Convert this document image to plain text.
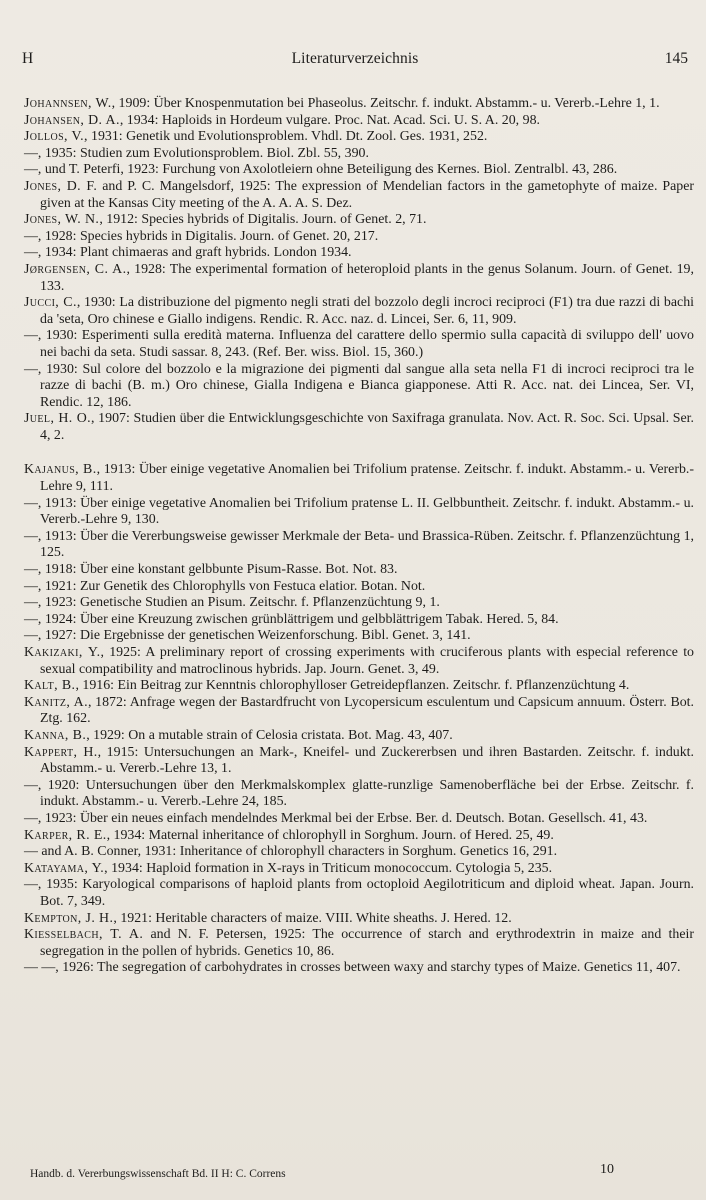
H	Literaturverzeichnis	145

Johannsen, W., 1909: Über Knospenmutation bei Phaseolus. Zeitschr. f. indukt. Abstamm.- u. Vererb.-Lehre 1, 1.

Johansen, D. A., 1934: Haploids in Hordeum vulgare. Proc. Nat. Acad. Sci. U. S. A. 20, 98.

Jollos, V., 1931: Genetik und Evolutionsproblem. Vhdl. Dt. Zool. Ges. 1931, 252.

—, 1935: Studien zum Evolutionsproblem. Biol. Zbl. 55, 390.

—, und T. Peterfi, 1923: Furchung von Axolotleiern ohne Beteiligung des Kernes. Biol. Zentralbl. 43, 286.

Jones, D. F. and P. C. Mangelsdorf, 1925: The expression of Mendelian factors in the gametophyte of maize. Paper given at the Kansas City meeting of the A. A. A. S. Dez.

Jones, W. N., 1912: Species hybrids of Digitalis. Journ. of Genet. 2, 71.

—, 1928: Species hybrids in Digitalis. Journ. of Genet. 20, 217.

—, 1934: Plant chimaeras and graft hybrids. London 1934.

Jørgensen, C. A., 1928: The experimental formation of heteroploid plants in the genus Solanum. Journ. of Genet. 19, 133.

Jucci, C., 1930: La distribuzione del pigmento negli strati del bozzolo degli incroci reciproci (F1) tra due razzi di bachi da 'seta, Oro chinese e Giallo indigens. Rendic. R. Acc. naz. d. Lincei, Ser. 6, 11, 909.

—, 1930: Esperimenti sulla eredità materna. Influenza del carattere dello spermio sulla capacità di sviluppo dell' uovo nei bachi da seta. Studi sassar. 8, 243. (Ref. Ber. wiss. Biol. 15, 360.)

—, 1930: Sul colore del bozzolo e la migrazione dei pigmenti dal sangue alla seta nella F1 di incroci reciproci tra le razze di bachi (B. m.) Oro chinese, Gialla Indigena e Bianca giapponese. Atti R. Acc. nat. dei Lincea, Ser. VI, Rendic. 12, 186.

Juel, H. O., 1907: Studien über die Entwicklungsgeschichte von Saxifraga granulata. Nov. Act. R. Soc. Sci. Upsal. Ser. 4, 2.

Kajanus, B., 1913: Über einige vegetative Anomalien bei Trifolium pratense. Zeitschr. f. indukt. Abstamm.- u. Vererb.-Lehre 9, 111.

—, 1913: Über einige vegetative Anomalien bei Trifolium pratense L. II. Gelbbuntheit. Zeitschr. f. indukt. Abstamm.- u. Vererb.-Lehre 9, 130.

—, 1913: Über die Vererbungsweise gewisser Merkmale der Beta- und Brassica-Rüben. Zeitschr. f. Pflanzenzüchtung 1, 125.

—, 1918: Über eine konstant gelbbunte Pisum-Rasse. Bot. Not. 83.

—, 1921: Zur Genetik des Chlorophylls von Festuca elatior. Botan. Not.

—, 1923: Genetische Studien an Pisum. Zeitschr. f. Pflanzenzüchtung 9, 1.

—, 1924: Über eine Kreuzung zwischen grünblättrigem und gelbblättrigem Tabak. Hered. 5, 84.

—, 1927: Die Ergebnisse der genetischen Weizenforschung. Bibl. Genet. 3, 141.

Kakizaki, Y., 1925: A preliminary report of crossing experiments with cruciferous plants with especial reference to sexual compatibility and matroclinous hybrids. Jap. Journ. Genet. 3, 49.

Kalt, B., 1916: Ein Beitrag zur Kenntnis chlorophylloser Getreidepflanzen. Zeitschr. f. Pflanzenzüchtung 4.

Kanitz, A., 1872: Anfrage wegen der Bastardfrucht von Lycopersicum esculentum und Capsicum annuum. Österr. Bot. Ztg. 162.

Kanna, B., 1929: On a mutable strain of Celosia cristata. Bot. Mag. 43, 407.

Kappert, H., 1915: Untersuchungen an Mark-, Kneifel- und Zuckererbsen und ihren Bastarden. Zeitschr. f. indukt. Abstamm.- u. Vererb.-Lehre 13, 1.

—, 1920: Untersuchungen über den Merkmalskomplex glatte-runzlige Samenoberfläche bei der Erbse. Zeitschr. f. indukt. Abstamm.- u. Vererb.-Lehre 24, 185.

—, 1923: Über ein neues einfach mendelndes Merkmal bei der Erbse. Ber. d. Deutsch. Botan. Gesellsch. 41, 43.

Karper, R. E., 1934: Maternal inheritance of chlorophyll in Sorghum. Journ. of Hered. 25, 49.

— and A. B. Conner, 1931: Inheritance of chlorophyll characters in Sorghum. Genetics 16, 291.

Katayama, Y., 1934: Haploid formation in X-rays in Triticum monococcum. Cytologia 5, 235.

—, 1935: Karyological comparisons of haploid plants from octoploid Aegilotriticum and diploid wheat. Japan. Journ. Bot. 7, 349.

Kempton, J. H., 1921: Heritable characters of maize. VIII. White sheaths. J. Hered. 12.

Kiesselbach, T. A. and N. F. Petersen, 1925: The occurrence of starch and erythrodextrin in maize and their segregation in the pollen of hybrids. Genetics 10, 86.

— —, 1926: The segregation of carbohydrates in crosses between waxy and starchy types of Maize. Genetics 11, 407.

Handb. d. Vererbungswissenschaft Bd. II H: C. Correns	10
